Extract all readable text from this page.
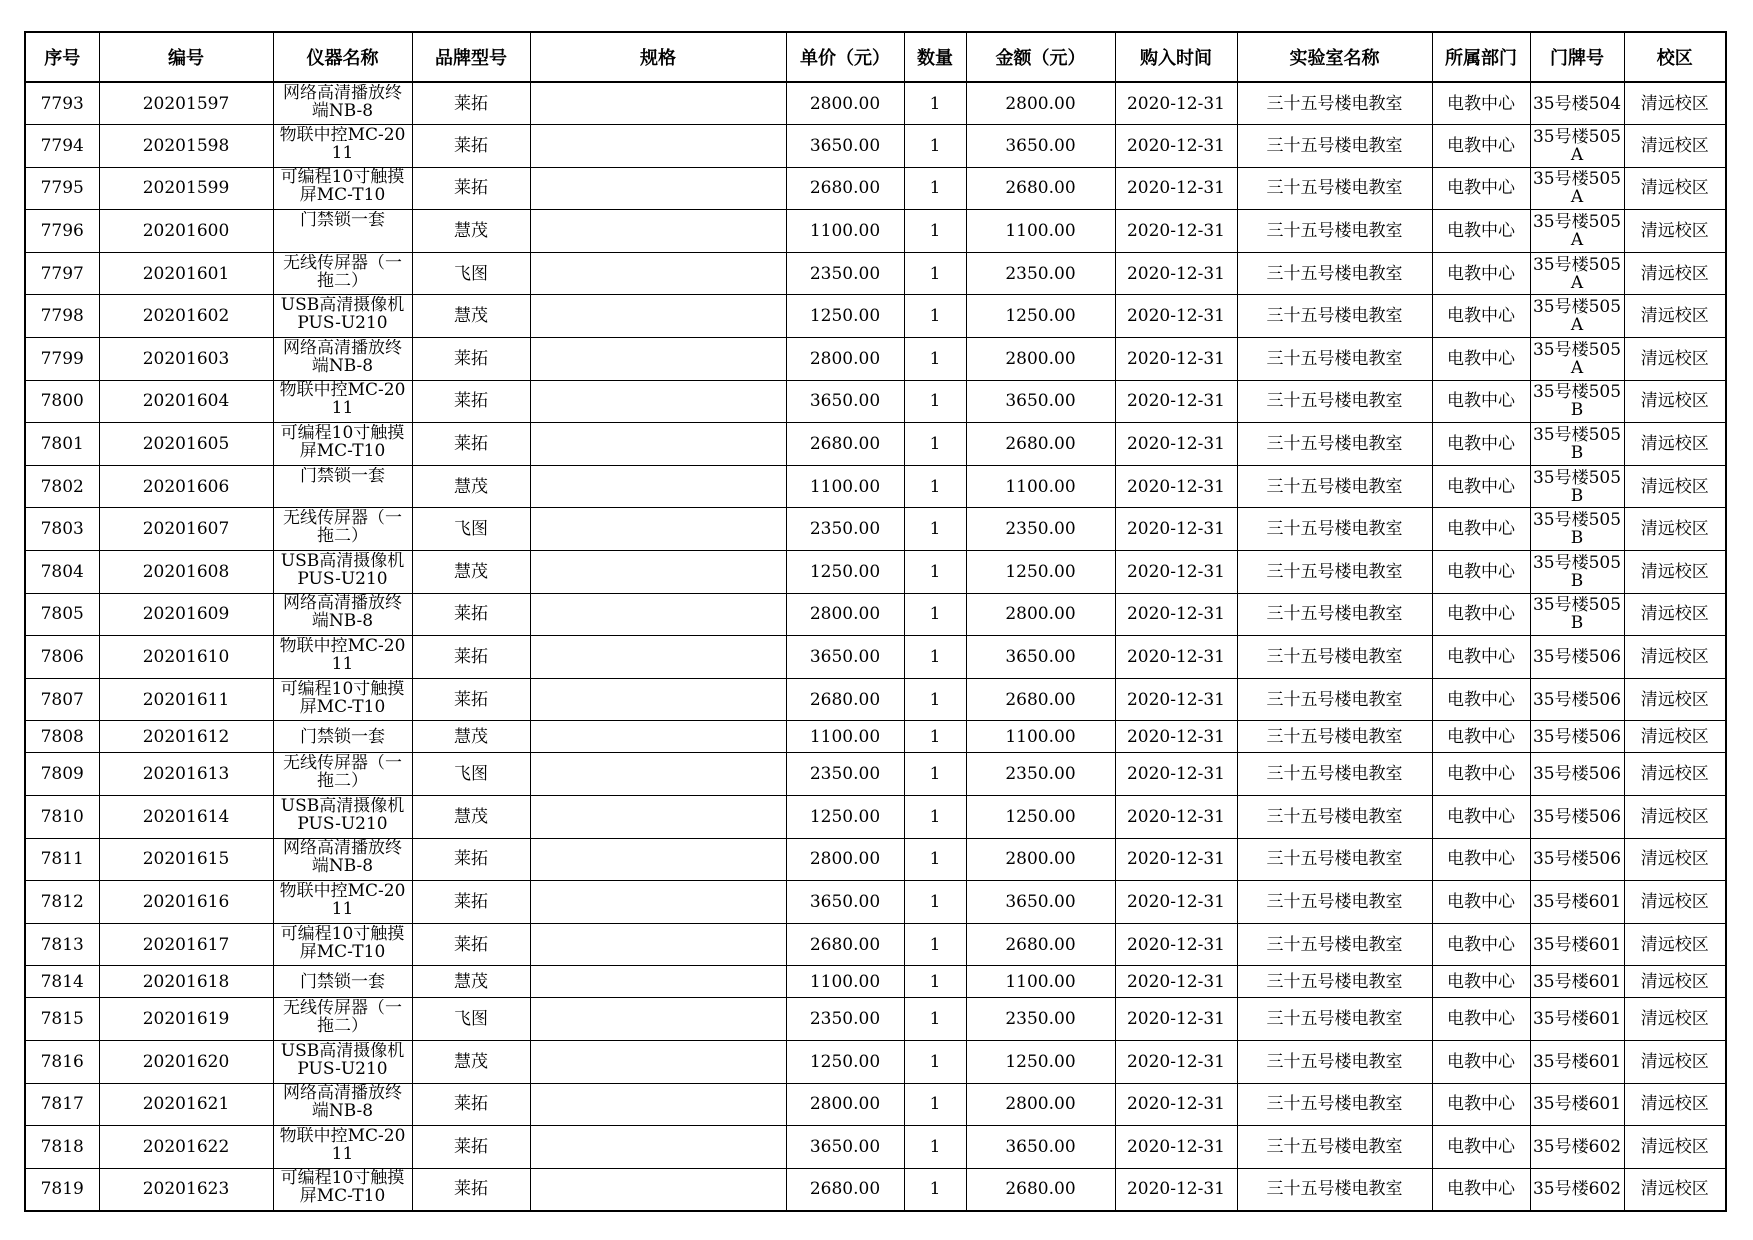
序号	编号	仪器名称	品牌型号	规格	单价（元）	数量	金额（元）	购入时间	实验室名称	所属部门	门牌号	校区
7793	20201597	网络高清播放终端NB-8	莱拓		2800.00	1	2800.00	2020-12-31	三十五号楼电教室	电教中心	35号楼504	清远校区
7794	20201598	物联中控MC-2011	莱拓		3650.00	1	3650.00	2020-12-31	三十五号楼电教室	电教中心	35号楼505A	清远校区
7795	20201599	可编程10寸触摸屏MC-T10	莱拓		2680.00	1	2680.00	2020-12-31	三十五号楼电教室	电教中心	35号楼505A	清远校区
7796	20201600	门禁锁一套	慧茂		1100.00	1	1100.00	2020-12-31	三十五号楼电教室	电教中心	35号楼505A	清远校区
7797	20201601	无线传屏器（一拖二）	飞图		2350.00	1	2350.00	2020-12-31	三十五号楼电教室	电教中心	35号楼505A	清远校区
7798	20201602	USB高清摄像机PUS-U210	慧茂		1250.00	1	1250.00	2020-12-31	三十五号楼电教室	电教中心	35号楼505A	清远校区
7799	20201603	网络高清播放终端NB-8	莱拓		2800.00	1	2800.00	2020-12-31	三十五号楼电教室	电教中心	35号楼505A	清远校区
7800	20201604	物联中控MC-2011	莱拓		3650.00	1	3650.00	2020-12-31	三十五号楼电教室	电教中心	35号楼505B	清远校区
7801	20201605	可编程10寸触摸屏MC-T10	莱拓		2680.00	1	2680.00	2020-12-31	三十五号楼电教室	电教中心	35号楼505B	清远校区
7802	20201606	门禁锁一套	慧茂		1100.00	1	1100.00	2020-12-31	三十五号楼电教室	电教中心	35号楼505B	清远校区
7803	20201607	无线传屏器（一拖二）	飞图		2350.00	1	2350.00	2020-12-31	三十五号楼电教室	电教中心	35号楼505B	清远校区
7804	20201608	USB高清摄像机PUS-U210	慧茂		1250.00	1	1250.00	2020-12-31	三十五号楼电教室	电教中心	35号楼505B	清远校区
7805	20201609	网络高清播放终端NB-8	莱拓		2800.00	1	2800.00	2020-12-31	三十五号楼电教室	电教中心	35号楼505B	清远校区
7806	20201610	物联中控MC-2011	莱拓		3650.00	1	3650.00	2020-12-31	三十五号楼电教室	电教中心	35号楼506	清远校区
7807	20201611	可编程10寸触摸屏MC-T10	莱拓		2680.00	1	2680.00	2020-12-31	三十五号楼电教室	电教中心	35号楼506	清远校区
7808	20201612	门禁锁一套	慧茂		1100.00	1	1100.00	2020-12-31	三十五号楼电教室	电教中心	35号楼506	清远校区
7809	20201613	无线传屏器（一拖二）	飞图		2350.00	1	2350.00	2020-12-31	三十五号楼电教室	电教中心	35号楼506	清远校区
7810	20201614	USB高清摄像机PUS-U210	慧茂		1250.00	1	1250.00	2020-12-31	三十五号楼电教室	电教中心	35号楼506	清远校区
7811	20201615	网络高清播放终端NB-8	莱拓		2800.00	1	2800.00	2020-12-31	三十五号楼电教室	电教中心	35号楼506	清远校区
7812	20201616	物联中控MC-2011	莱拓		3650.00	1	3650.00	2020-12-31	三十五号楼电教室	电教中心	35号楼601	清远校区
7813	20201617	可编程10寸触摸屏MC-T10	莱拓		2680.00	1	2680.00	2020-12-31	三十五号楼电教室	电教中心	35号楼601	清远校区
7814	20201618	门禁锁一套	慧茂		1100.00	1	1100.00	2020-12-31	三十五号楼电教室	电教中心	35号楼601	清远校区
7815	20201619	无线传屏器（一拖二）	飞图		2350.00	1	2350.00	2020-12-31	三十五号楼电教室	电教中心	35号楼601	清远校区
7816	20201620	USB高清摄像机PUS-U210	慧茂		1250.00	1	1250.00	2020-12-31	三十五号楼电教室	电教中心	35号楼601	清远校区
7817	20201621	网络高清播放终端NB-8	莱拓		2800.00	1	2800.00	2020-12-31	三十五号楼电教室	电教中心	35号楼601	清远校区
7818	20201622	物联中控MC-2011	莱拓		3650.00	1	3650.00	2020-12-31	三十五号楼电教室	电教中心	35号楼602	清远校区
7819	20201623	可编程10寸触摸屏MC-T10	莱拓		2680.00	1	2680.00	2020-12-31	三十五号楼电教室	电教中心	35号楼602	清远校区
